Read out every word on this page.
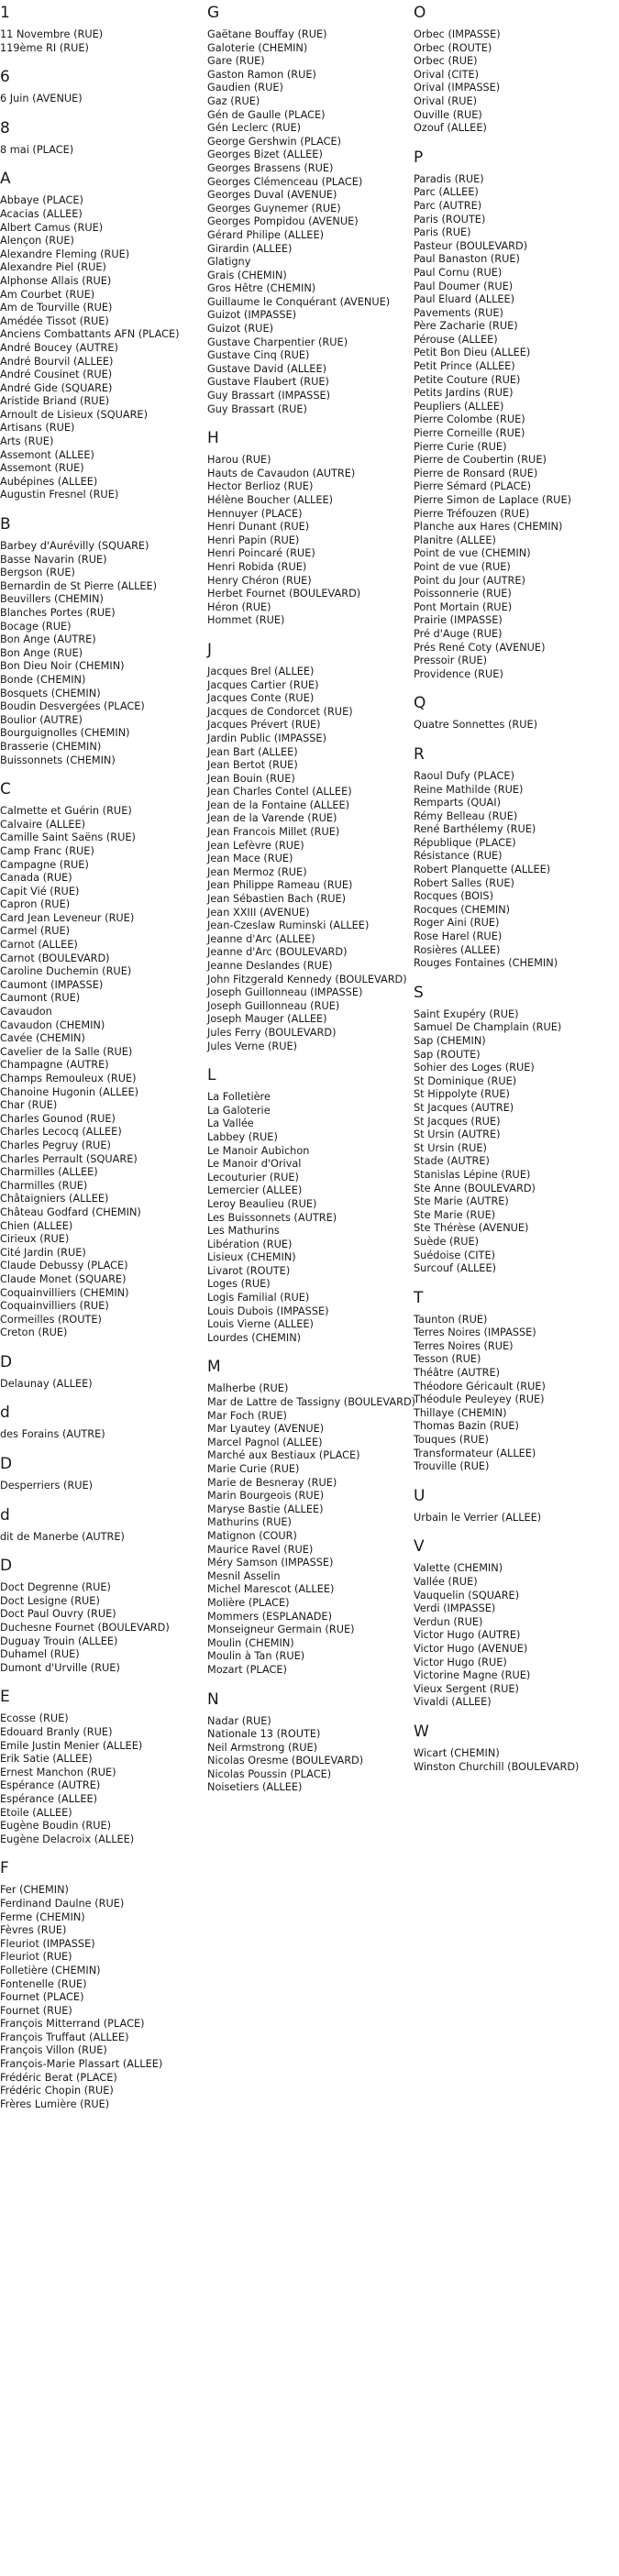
1
11 Novembre (RUE)
119ème RI (RUE)
6
6 Juin (AVENUE)
8
8 mai (PLACE)
A
Abbaye (PLACE)
Acacias (ALLEE)
Albert Camus (RUE)
Alençon (RUE)
Alexandre Fleming (RUE)
Alexandre Piel (RUE)
Alphonse Allais (RUE)
Am Courbet (RUE)
Am de Tourville (RUE)
Amédée Tissot (RUE)
Anciens Combattants AFN (PLACE)
André Boucey (AUTRE)
André Bourvil (ALLEE)
André Cousinet (RUE)
André Gide (SQUARE)
Aristide Briand (RUE)
Arnoult de Lisieux (SQUARE)
Artisans (RUE)
Arts (RUE)
Assemont (ALLEE)
Assemont (RUE)
Aubépines (ALLEE)
Augustin Fresnel (RUE)
B
Barbey d'Aurévilly (SQUARE)
Basse Navarin (RUE)
Bergson (RUE)
Bernardin de St Pierre (ALLEE)
Beuvillers (CHEMIN)
Blanches Portes (RUE)
Bocage (RUE)
Bon Ange (AUTRE)
Bon Ange (RUE)
Bon Dieu Noir (CHEMIN)
Bonde (CHEMIN)
Bosquets (CHEMIN)
Boudin Desvergées (PLACE)
Boulior (AUTRE)
Bourguignolles (CHEMIN)
Brasserie (CHEMIN)
Buissonnets (CHEMIN)
C
Calmette et Guérin (RUE)
Calvaire (ALLEE)
Camille Saint Saëns (RUE)
Camp Franc (RUE)
Campagne (RUE)
Canada (RUE)
Capit Vié (RUE)
Capron (RUE)
Card Jean Leveneur (RUE)
Carmel (RUE)
Carnot (ALLEE)
Carnot (BOULEVARD)
Caroline Duchemin (RUE)
Caumont (IMPASSE)
Caumont (RUE)
Cavaudon
Cavaudon (CHEMIN)
Cavée (CHEMIN)
Cavelier de la Salle (RUE)
Champagne (AUTRE)
Champs Remouleux (RUE)
Chanoine Hugonin (ALLEE)
Char (RUE)
Charles Gounod (RUE)
Charles Lecocq (ALLEE)
Charles Pegruy (RUE)
Charles Perrault (SQUARE)
Charmilles (ALLEE)
Charmilles (RUE)
Châtaigniers (ALLEE)
Château Godfard (CHEMIN)
Chien (ALLEE)
Cirieux (RUE)
Cité Jardin (RUE)
Claude Debussy (PLACE)
Claude Monet (SQUARE)
Coquainvilliers (CHEMIN)
Coquainvilliers (RUE)
Cormeilles (ROUTE)
Creton (RUE)
D
Delaunay (ALLEE)
d
des Forains (AUTRE)
D
Desperriers (RUE)
d
dit de Manerbe (AUTRE)
D
Doct Degrenne (RUE)
Doct Lesigne (RUE)
Doct Paul Ouvry (RUE)
Duchesne Fournet (BOULEVARD)
Duguay Trouin (ALLEE)
Duhamel (RUE)
Dumont d'Urville (RUE)
E
Ecosse (RUE)
Edouard Branly (RUE)
Emile Justin Menier (ALLEE)
Erik Satie (ALLEE)
Ernest Manchon (RUE)
Espérance (AUTRE)
Espérance (ALLEE)
Etoile (ALLEE)
Eugène Boudin (RUE)
Eugène Delacroix (ALLEE)
F
Fer (CHEMIN)
Ferdinand Daulne (RUE)
Ferme (CHEMIN)
Fèvres (RUE)
Fleuriot (IMPASSE)
Fleuriot (RUE)
Folletière (CHEMIN)
Fontenelle (RUE)
Fournet (PLACE)
Fournet (RUE)
François Mitterrand (PLACE)
François Truffaut (ALLEE)
François Villon (RUE)
François-Marie Plassart (ALLEE)
Frédéric Berat (PLACE)
Frédéric Chopin (RUE)
Frères Lumière (RUE)
G
Gaëtane Bouffay (RUE)
Galoterie (CHEMIN)
Gare (RUE)
Gaston Ramon (RUE)
Gaudien (RUE)
Gaz (RUE)
Gén de Gaulle (PLACE)
Gén Leclerc (RUE)
George Gershwin (PLACE)
Georges Bizet (ALLEE)
Georges Brassens (RUE)
Georges Clémenceau (PLACE)
Georges Duval (AVENUE)
Georges Guynemer (RUE)
Georges Pompidou (AVENUE)
Gérard Philipe (ALLEE)
Girardin (ALLEE)
Glatigny
Grais (CHEMIN)
Gros Hêtre (CHEMIN)
Guillaume le Conquérant (AVENUE)
Guizot (IMPASSE)
Guizot (RUE)
Gustave Charpentier (RUE)
Gustave Cinq (RUE)
Gustave David (ALLEE)
Gustave Flaubert (RUE)
Guy Brassart (IMPASSE)
Guy Brassart (RUE)
H
Harou (RUE)
Hauts de Cavaudon (AUTRE)
Hector Berlioz (RUE)
Hélène Boucher (ALLEE)
Hennuyer (PLACE)
Henri Dunant (RUE)
Henri Papin (RUE)
Henri Poincaré (RUE)
Henri Robida (RUE)
Henry Chéron (RUE)
Herbet Fournet (BOULEVARD)
Héron (RUE)
Hommet (RUE)
J
Jacques Brel (ALLEE)
Jacques Cartier (RUE)
Jacques Conte (RUE)
Jacques de Condorcet (RUE)
Jacques Prévert (RUE)
Jardin Public (IMPASSE)
Jean Bart (ALLEE)
Jean Bertot (RUE)
Jean Bouin (RUE)
Jean Charles Contel (ALLEE)
Jean de la Fontaine (ALLEE)
Jean de la Varende (RUE)
Jean Francois Millet (RUE)
Jean Lefèvre (RUE)
Jean Mace (RUE)
Jean Mermoz (RUE)
Jean Philippe Rameau (RUE)
Jean Sébastien Bach (RUE)
Jean XXIII (AVENUE)
Jean-Czeslaw Ruminski (ALLEE)
Jeanne d'Arc (ALLEE)
Jeanne d'Arc (BOULEVARD)
Jeanne Deslandes (RUE)
John Fitzgerald Kennedy (BOULEVARD)
Joseph Guillonneau (IMPASSE)
Joseph Guillonneau (RUE)
Joseph Mauger (ALLEE)
Jules Ferry (BOULEVARD)
Jules Verne (RUE)
L
La Folletière
La Galoterie
La Vallée
Labbey (RUE)
Le Manoir Aubichon
Le Manoir d'Orival
Lecouturier (RUE)
Lemercier (ALLEE)
Leroy Beaulieu (RUE)
Les Buissonnets (AUTRE)
Les Mathurins
Libération (RUE)
Lisieux (CHEMIN)
Livarot (ROUTE)
Loges (RUE)
Logis Familial (RUE)
Louis Dubois (IMPASSE)
Louis Vierne (ALLEE)
Lourdes (CHEMIN)
M
Malherbe (RUE)
Mar de Lattre de Tassigny (BOULEVARD)
Mar Foch (RUE)
Mar Lyautey (AVENUE)
Marcel Pagnol (ALLEE)
Marché aux Bestiaux (PLACE)
Marie Curie (RUE)
Marie de Besneray (RUE)
Marin Bourgeois (RUE)
Maryse Bastie (ALLEE)
Mathurins (RUE)
Matignon (COUR)
Maurice Ravel (RUE)
Méry Samson (IMPASSE)
Mesnil Asselin
Michel Marescot (ALLEE)
Molière (PLACE)
Mommers (ESPLANADE)
Monseigneur Germain (RUE)
Moulin (CHEMIN)
Moulin à Tan (RUE)
Mozart (PLACE)
N
Nadar (RUE)
Nationale 13 (ROUTE)
Neil Armstrong (RUE)
Nicolas Oresme (BOULEVARD)
Nicolas Poussin (PLACE)
Noisetiers (ALLEE)
O
Orbec (IMPASSE)
Orbec (ROUTE)
Orbec (RUE)
Orival (CITE)
Orival (IMPASSE)
Orival (RUE)
Ouville (RUE)
Ozouf (ALLEE)
P
Paradis (RUE)
Parc (ALLEE)
Parc (AUTRE)
Paris (ROUTE)
Paris (RUE)
Pasteur (BOULEVARD)
Paul Banaston (RUE)
Paul Cornu (RUE)
Paul Doumer (RUE)
Paul Eluard (ALLEE)
Pavements (RUE)
Père Zacharie (RUE)
Pérouse (ALLEE)
Petit Bon Dieu (ALLEE)
Petit Prince (ALLEE)
Petite Couture (RUE)
Petits Jardins (RUE)
Peupliers (ALLEE)
Pierre Colombe (RUE)
Pierre Corneille (RUE)
Pierre Curie (RUE)
Pierre de Coubertin (RUE)
Pierre de Ronsard (RUE)
Pierre Sémard (PLACE)
Pierre Simon de Laplace (RUE)
Pierre Tréfouzen (RUE)
Planche aux Hares (CHEMIN)
Planitre (ALLEE)
Point de vue (CHEMIN)
Point de vue (RUE)
Point du Jour (AUTRE)
Poissonnerie (RUE)
Pont Mortain (RUE)
Prairie (IMPASSE)
Pré d'Auge (RUE)
Prés René Coty (AVENUE)
Pressoir (RUE)
Providence (RUE)
Q
Quatre Sonnettes (RUE)
R
Raoul Dufy (PLACE)
Reine Mathilde (RUE)
Remparts (QUAI)
Rémy Belleau (RUE)
René Barthélemy (RUE)
République (PLACE)
Résistance (RUE)
Robert Planquette (ALLEE)
Robert Salles (RUE)
Rocques (BOIS)
Rocques (CHEMIN)
Roger Aini (RUE)
Rose Harel (RUE)
Rosières (ALLEE)
Rouges Fontaines (CHEMIN)
S
Saint Exupéry (RUE)
Samuel De Champlain (RUE)
Sap (CHEMIN)
Sap (ROUTE)
Sohier des Loges (RUE)
St Dominique (RUE)
St Hippolyte (RUE)
St Jacques (AUTRE)
St Jacques (RUE)
St Ursin (AUTRE)
St Ursin (RUE)
Stade (AUTRE)
Stanislas Lépine (RUE)
Ste Anne (BOULEVARD)
Ste Marie (AUTRE)
Ste Marie (RUE)
Ste Thérèse (AVENUE)
Suède (RUE)
Suédoise (CITE)
Surcouf (ALLEE)
T
Taunton (RUE)
Terres Noires (IMPASSE)
Terres Noires (RUE)
Tesson (RUE)
Théâtre (AUTRE)
Théodore Géricault (RUE)
Théodule Peuleyey (RUE)
Thillaye (CHEMIN)
Thomas Bazin (RUE)
Touques (RUE)
Transformateur (ALLEE)
Trouville (RUE)
U
Urbain le Verrier (ALLEE)
V
Valette (CHEMIN)
Vallée (RUE)
Vauquelin (SQUARE)
Verdi (IMPASSE)
Verdun (RUE)
Victor Hugo (AUTRE)
Victor Hugo (AVENUE)
Victor Hugo (RUE)
Victorine Magne (RUE)
Vieux Sergent (RUE)
Vivaldi (ALLEE)
W
Wicart (CHEMIN)
Winston Churchill (BOULEVARD)
